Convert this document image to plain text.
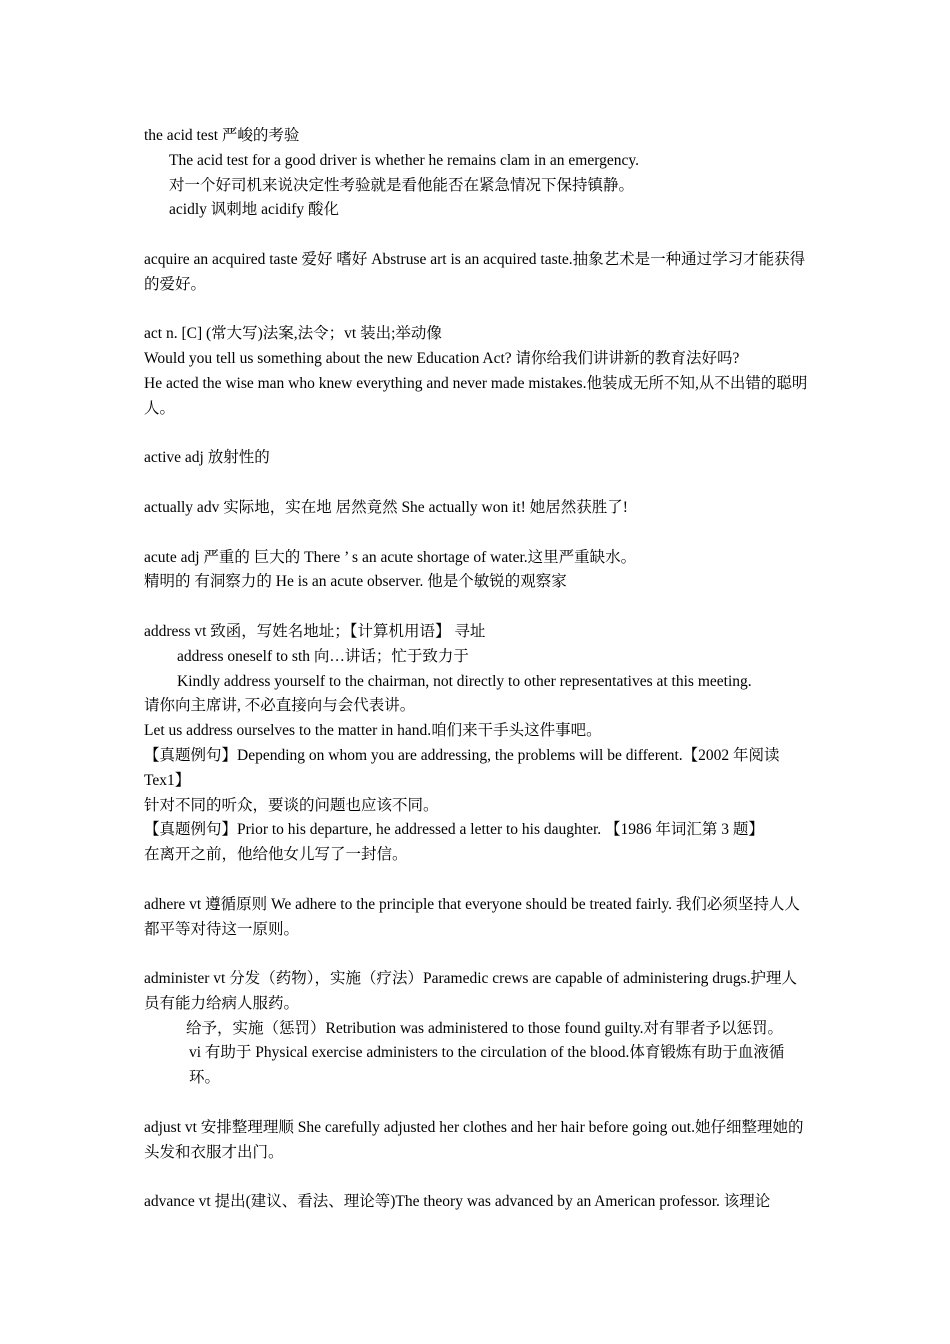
the acid test 严峻的考验
The acid test for a good driver is whether he remains clam in an emergency.
对一个好司机来说决定性考验就是看他能否在紧急情况下保持镇静。
acidly 讽刺地 acidify 酸化
acquire an acquired taste 爱好 嗜好 Abstruse art is an acquired taste.抽象艺术是一种通过学习才能获得的爱好。
act n. [C] (常大写)法案,法令；vt 装出;举动像
Would you tell us something about the new Education Act? 请你给我们讲讲新的教育法好吗?
He acted the wise man who knew everything and never made mistakes.他装成无所不知,从不出错的聪明人。
active adj 放射性的
actually adv 实际地，实在地 居然竟然 She actually won it! 她居然获胜了!
acute adj 严重的 巨大的 There ’ s an acute shortage of water.这里严重缺水。
精明的 有洞察力的 He is an acute observer. 他是个敏锐的观察家
address vt 致函，写姓名地址；【计算机用语】 寻址
address oneself to sth 向…讲话；忙于致力于
Kindly address yourself to the chairman, not directly to other representatives at this meeting.
请你向主席讲, 不必直接向与会代表讲。
Let us address ourselves to the matter in hand.咱们来干手头这件事吧。
【真题例句】Depending on whom you are addressing, the problems will be different.【2002 年阅读 Tex1】
针对不同的听众，要谈的问题也应该不同。
【真题例句】Prior to his departure, he addressed a letter to his daughter. 【1986 年词汇第 3 题】
在离开之前，他给他女儿写了一封信。
adhere vt 遵循原则 We adhere to the principle that everyone should be treated fairly. 我们必须坚持人人都平等对待这一原则。
administer vt 分发（药物），实施（疗法）Paramedic crews are capable of administering drugs.护理人员有能力给病人服药。
给予，实施（惩罚）Retribution was administered to those found guilty.对有罪者予以惩罚。
vi 有助于 Physical exercise administers to the circulation of the blood.体育锻炼有助于血液循环。
adjust vt 安排整理理顺 She carefully adjusted her clothes and her hair before going out.她仔细整理她的头发和衣服才出门。
advance vt 提出(建议、看法、理论等)The theory was advanced by an American professor. 该理论
